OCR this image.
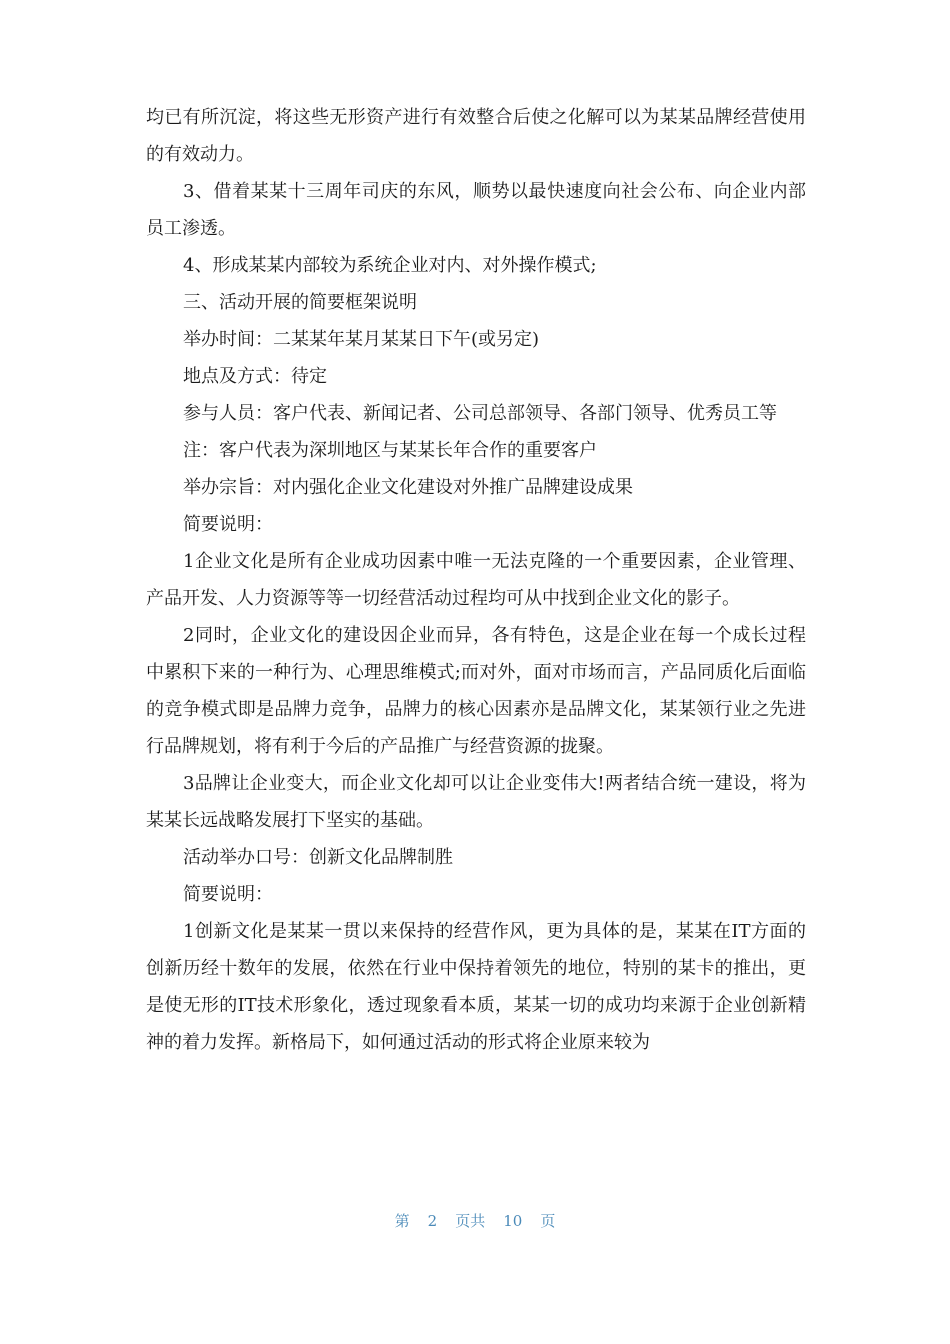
均已有所沉淀，将这些无形资产进行有效整合后使之化解可以为某某品牌经营使用的有效动力。

3、借着某某十三周年司庆的东风，顺势以最快速度向社会公布、向企业内部员工渗透。

4、形成某某内部较为系统企业对内、对外操作模式;

三、活动开展的简要框架说明

举办时间：二某某年某月某某日下午(或另定)

地点及方式：待定

参与人员：客户代表、新闻记者、公司总部领导、各部门领导、优秀员工等

注：客户代表为深圳地区与某某长年合作的重要客户

举办宗旨：对内强化企业文化建设对外推广品牌建设成果

简要说明：

1企业文化是所有企业成功因素中唯一无法克隆的一个重要因素，企业管理、产品开发、人力资源等等一切经营活动过程均可从中找到企业文化的影子。

2同时，企业文化的建设因企业而异，各有特色，这是企业在每一个成长过程中累积下来的一种行为、心理思维模式;而对外，面对市场而言，产品同质化后面临的竞争模式即是品牌力竞争，品牌力的核心因素亦是品牌文化，某某领行业之先进行品牌规划，将有利于今后的产品推广与经营资源的拢聚。

3品牌让企业变大，而企业文化却可以让企业变伟大!两者结合统一建设，将为某某长远战略发展打下坚实的基础。

活动举办口号：创新文化品牌制胜

简要说明：

1创新文化是某某一贯以来保持的经营作风，更为具体的是，某某在IT方面的创新历经十数年的发展，依然在行业中保持着领先的地位，特别的某卡的推出，更是使无形的IT技术形象化，透过现象看本质，某某一切的成功均来源于企业创新精神的着力发挥。新格局下，如何通过活动的形式将企业原来较为

第 2 页共 10 页
